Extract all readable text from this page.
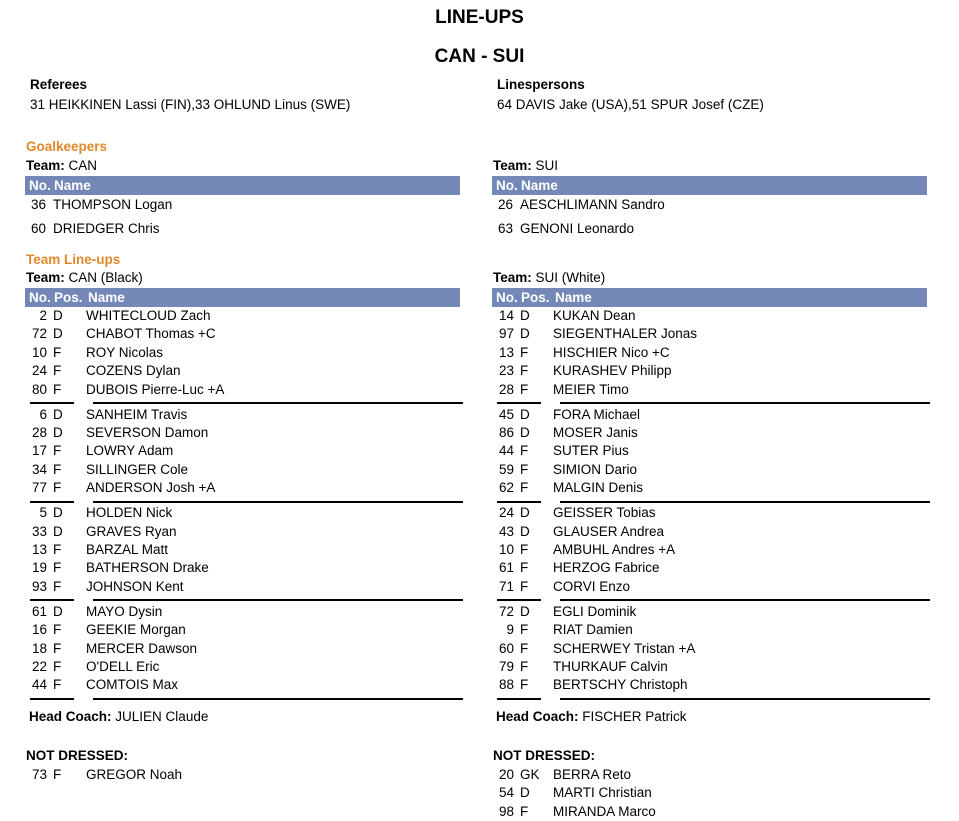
LINE-UPS
CAN - SUI
Referees
31 HEIKKINEN Lassi (FIN),33 OHLUND Linus (SWE)
Linespersons
64 DAVIS Jake (USA),51 SPUR Josef (CZE)
Goalkeepers
Team: CAN	Team: SUI
No. Name	No. Name
36 THOMPSON Logan
60 DRIEDGER Chris
26 AESCHLIMANN Sandro
63 GENONI Leonardo
Team Line-ups
Team: CAN (Black)	Team: SUI (White)
No. Pos. Name	No. Pos. Name
2 D WHITECLOUD Zach
72 D CHABOT Thomas +C
10 F ROY Nicolas
24 F COZENS Dylan
80 F DUBOIS Pierre-Luc +A
6 D SANHEIM Travis
28 D SEVERSON Damon
17 F LOWRY Adam
34 F SILLINGER Cole
77 F ANDERSON Josh +A
5 D HOLDEN Nick
33 D GRAVES Ryan
13 F BARZAL Matt
19 F BATHERSON Drake
93 F JOHNSON Kent
61 D MAYO Dysin
16 F GEEKIE Morgan
18 F MERCER Dawson
22 F O'DELL Eric
44 F COMTOIS Max
14 D KUKAN Dean
97 D SIEGENTHALER Jonas
13 F HISCHIER Nico +C
23 F KURASHEV Philipp
28 F MEIER Timo
45 D FORA Michael
86 D MOSER Janis
44 F SUTER Pius
59 F SIMION Dario
62 F MALGIN Denis
24 D GEISSER Tobias
43 D GLAUSER Andrea
10 F AMBUHL Andres +A
61 F HERZOG Fabrice
71 F CORVI Enzo
72 D EGLI Dominik
9 F RIAT Damien
60 F SCHERWEY Tristan +A
79 F THURKAUF Calvin
88 F BERTSCHY Christoph
Head Coach: JULIEN Claude	Head Coach: FISCHER Patrick
NOT DRESSED:	NOT DRESSED:
73 F GREGOR Noah	20 GK BERRA Reto
54 D MARTI Christian
98 F MIRANDA Marco
